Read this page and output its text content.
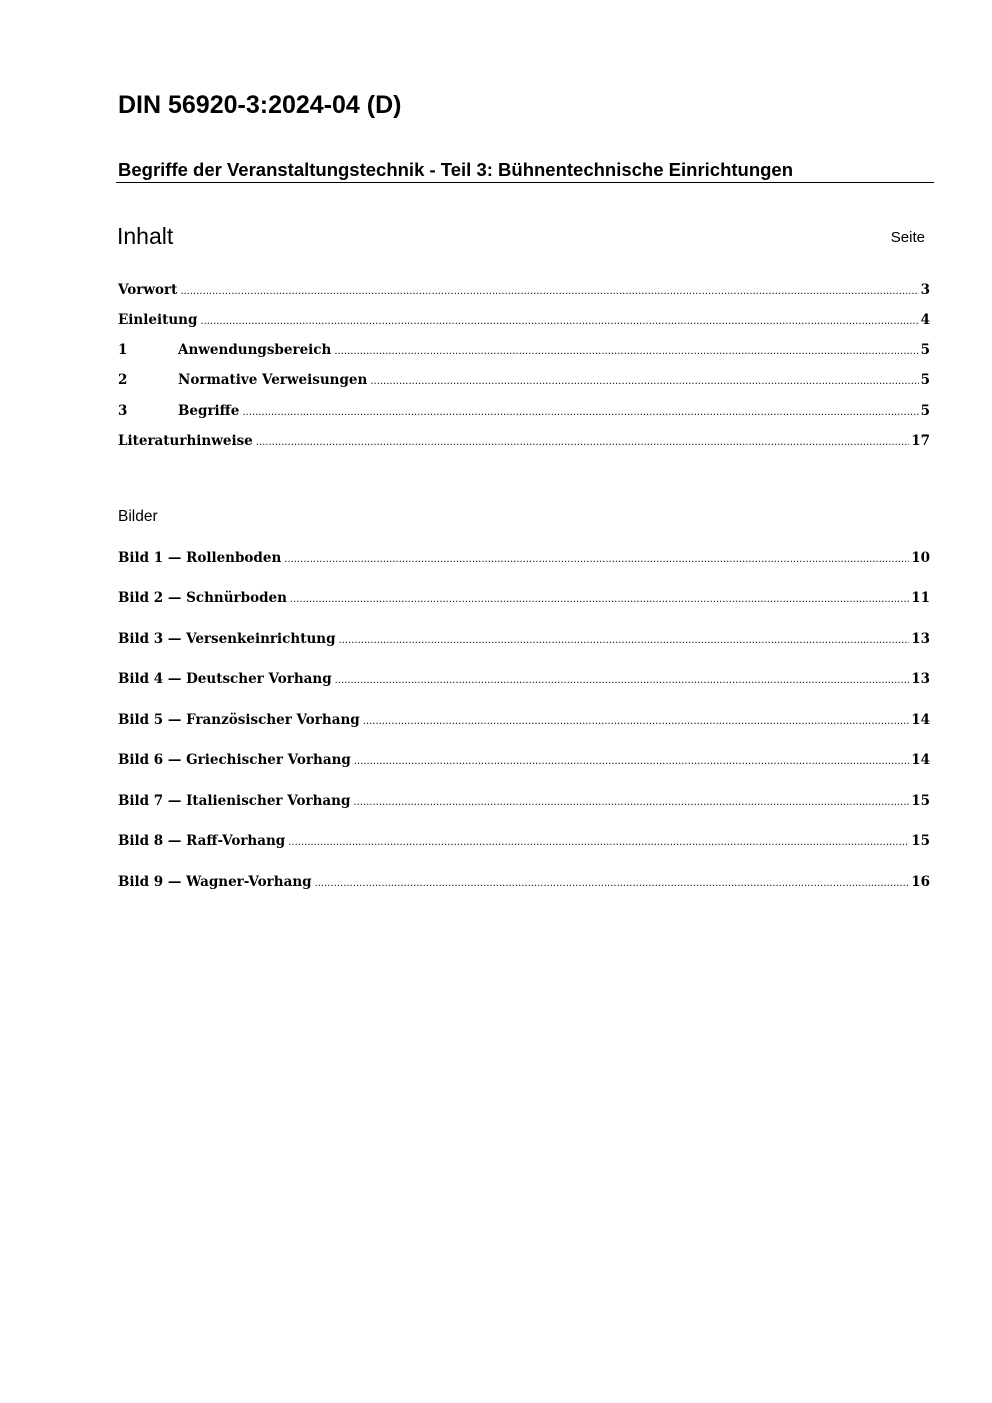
DIN 56920-3:2024-04 (D)
Begriffe der Veranstaltungstechnik - Teil 3: Bühnentechnische Einrichtungen
Inhalt	Seite
Vorwort .....	3
Einleitung .....	4
1	Anwendungsbereich .....	5
2	Normative Verweisungen .....	5
3	Begriffe .....	5
Literaturhinweise .....	17
Bilder
Bild 1 — Rollenboden .....	10
Bild 2 — Schnürboden .....	11
Bild 3 — Versenkeinrichtung .....	13
Bild 4 — Deutscher Vorhang .....	13
Bild 5 — Französischer Vorhang .....	14
Bild 6 — Griechischer Vorhang .....	14
Bild 7 — Italienischer Vorhang .....	15
Bild 8 — Raff-Vorhang .....	15
Bild 9 — Wagner-Vorhang .....	16
